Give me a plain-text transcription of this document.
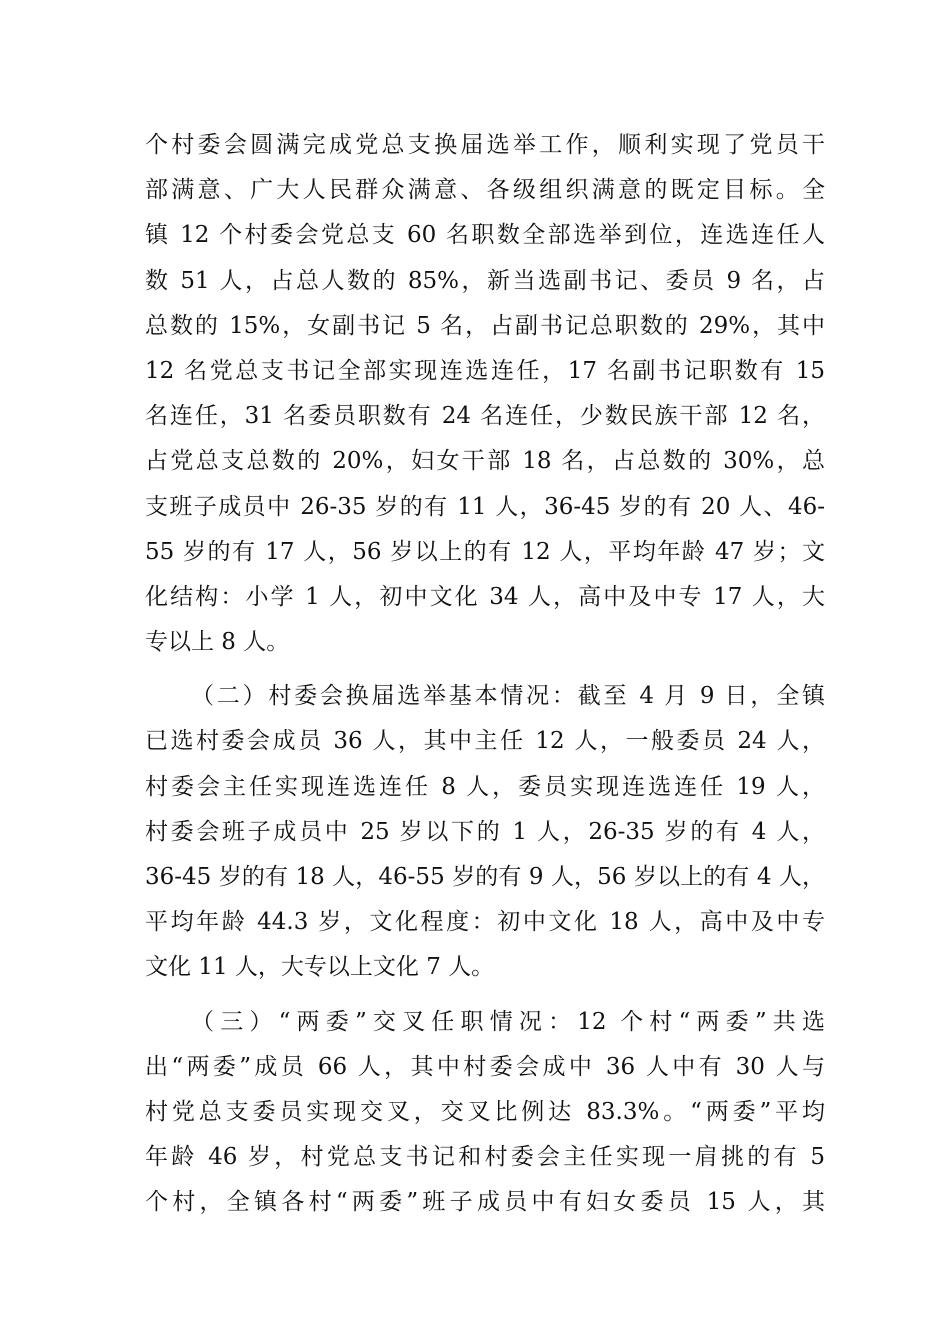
个村委会圆满完成党总支换届选举工作，顺利实现了党员干
部满意、广大人民群众满意、各级组织满意的既定目标。全
镇 12 个村委会党总支 60 名职数全部选举到位，连选连任人
数 51 人，占总人数的 85%，新当选副书记、委员 9 名，占
总数的 15%，女副书记 5 名，占副书记总职数的 29%，其中
12 名党总支书记全部实现连选连任，17 名副书记职数有 15
名连任，31 名委员职数有 24 名连任，少数民族干部 12 名，
占党总支总数的 20%，妇女干部 18 名，占总数的 30%，总
支班子成员中 26-35 岁的有 11 人，36-45 岁的有 20 人、46-
55 岁的有 17 人，56 岁以上的有 12 人，平均年龄 47 岁；文
化结构：小学 1 人，初中文化 34 人，高中及中专 17 人，大
专以上 8 人。
（二）村委会换届选举基本情况：截至 4 月 9 日，全镇
已选村委会成员 36 人，其中主任 12 人，一般委员 24 人，
村委会主任实现连选连任 8 人，委员实现连选连任 19 人，
村委会班子成员中 25 岁以下的 1 人，26-35 岁的有 4 人，
36-45 岁的有 18 人，46-55 岁的有 9 人，56 岁以上的有 4 人，
平均年龄 44.3 岁，文化程度：初中文化 18 人，高中及中专
文化 11 人，大专以上文化 7 人。
（三）“两委”交叉任职情况：12 个村“两委”共选
出“两委”成员 66 人，其中村委会成中 36 人中有 30 人与
村党总支委员实现交叉，交叉比例达 83.3%。“两委”平均
年龄 46 岁，村党总支书记和村委会主任实现一肩挑的有 5
个村，全镇各村“两委”班子成员中有妇女委员 15 人，其
